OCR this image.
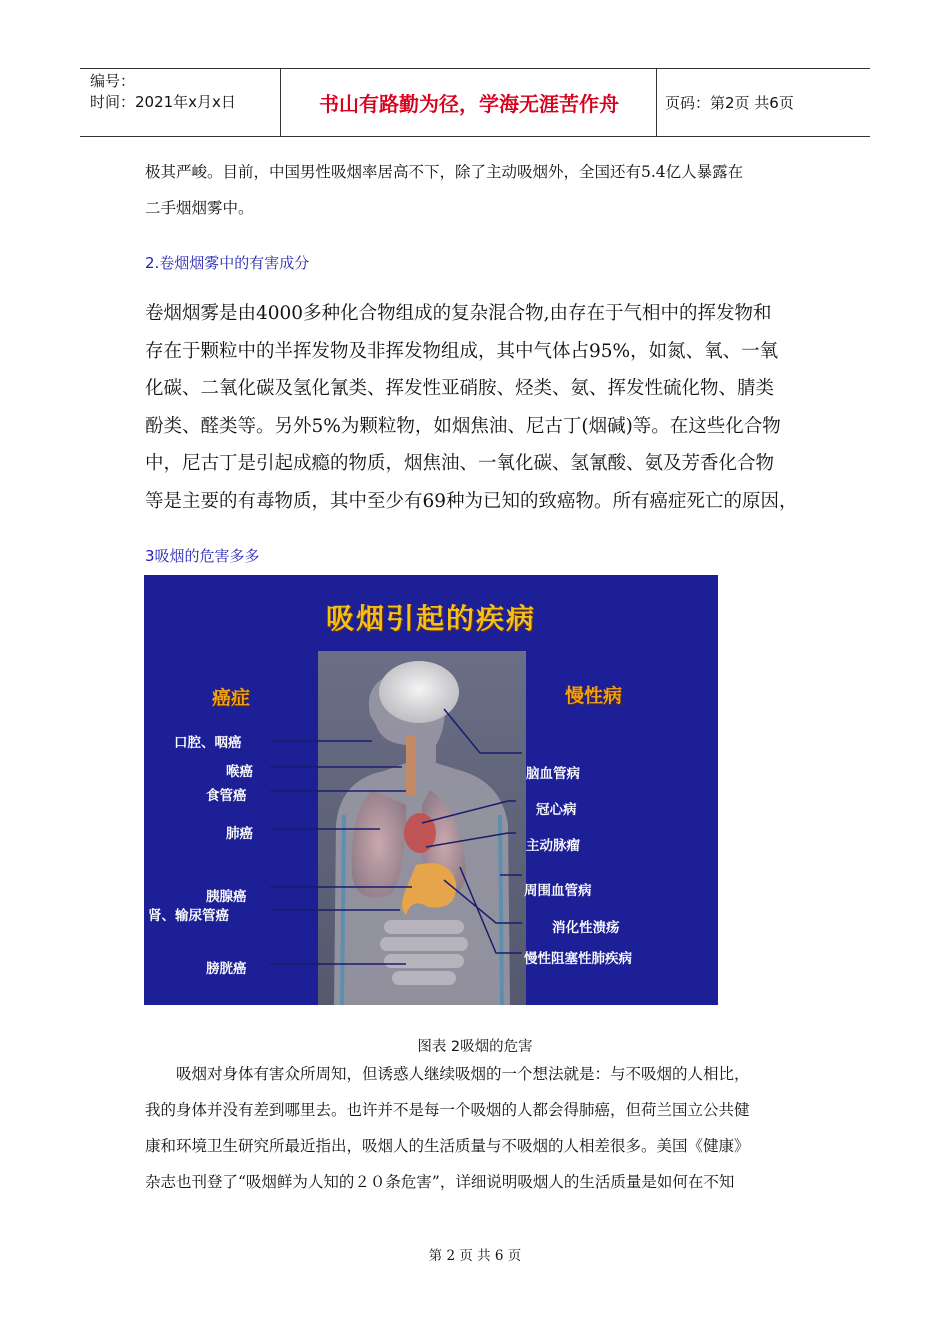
编号：
时间：2021年x月x日	书山有路勤为径，学海无涯苦作舟	页码：第2页 共6页
极其严峻。目前，中国男性吸烟率居高不下，除了主动吸烟外，全国还有5.4亿人暴露在
二手烟烟雾中。
2.卷烟烟雾中的有害成分
卷烟烟雾是由4000多种化合物组成的复杂混合物,由存在于气相中的挥发物和
存在于颗粒中的半挥发物及非挥发物组成，其中气体占95%，如氮、氧、一氧
化碳、二氧化碳及氢化氰类、挥发性亚硝胺、烃类、氨、挥发性硫化物、腈类
酚类、醛类等。另外5%为颗粒物，如烟焦油、尼古丁(烟碱)等。在这些化合物
中，尼古丁是引起成瘾的物质，烟焦油、一氧化碳、氢氰酸、氨及芳香化合物
等是主要的有毒物质，其中至少有69种为已知的致癌物。所有癌症死亡的原因，
3吸烟的危害多多
吸烟引起的疾病
癌症	慢性病
口腔、咽癌
喉癌
食管癌
肺癌
胰腺癌
肾、输尿管癌
膀胱癌
脑血管病
冠心病
主动脉瘤
周围血管病
消化性溃疡
慢性阻塞性肺疾病
图表 2吸烟的危害
吸烟对身体有害众所周知，但诱惑人继续吸烟的一个想法就是：与不吸烟的人相比，
我的身体并没有差到哪里去。也许并不是每一个吸烟的人都会得肺癌，但荷兰国立公共健
康和环境卫生研究所最近指出，吸烟人的生活质量与不吸烟的人相差很多。美国《健康》
杂志也刊登了“吸烟鲜为人知的２０条危害”，详细说明吸烟人的生活质量是如何在不知
第 2 页 共 6 页
